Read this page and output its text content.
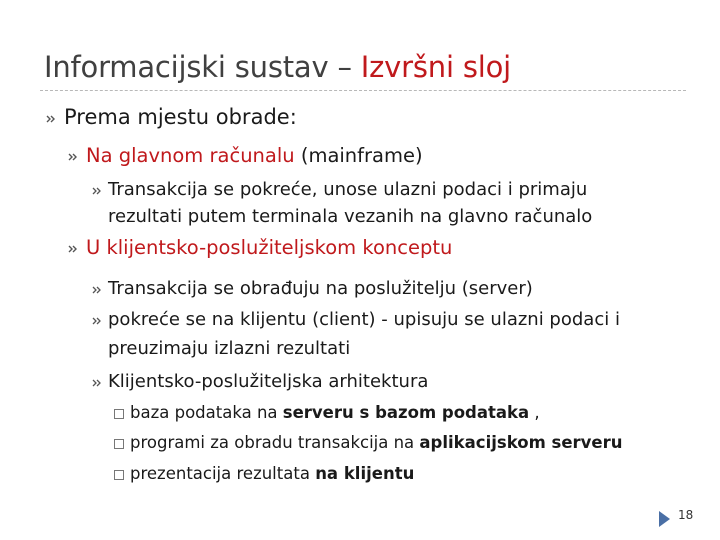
Informacijski sustav – Izvršni sloj
Prema mjestu obrade:
Na glavnom računalu (mainframe)
Transakcija se pokreće, unose ulazni podaci i primaju
rezultati putem terminala vezanih na glavno računalo
U klijentsko-poslužiteljskom konceptu
Transakcija se obrađuju na poslužitelju (server)
pokreće se na klijentu (client) - upisuju se ulazni podaci i
preuzimaju izlazni rezultati
Klijentsko-poslužiteljska arhitektura
baza podataka na serveru s bazom podataka ,
programi za obradu transakcija na aplikacijskom serveru
prezentacija rezultata na klijentu
18
